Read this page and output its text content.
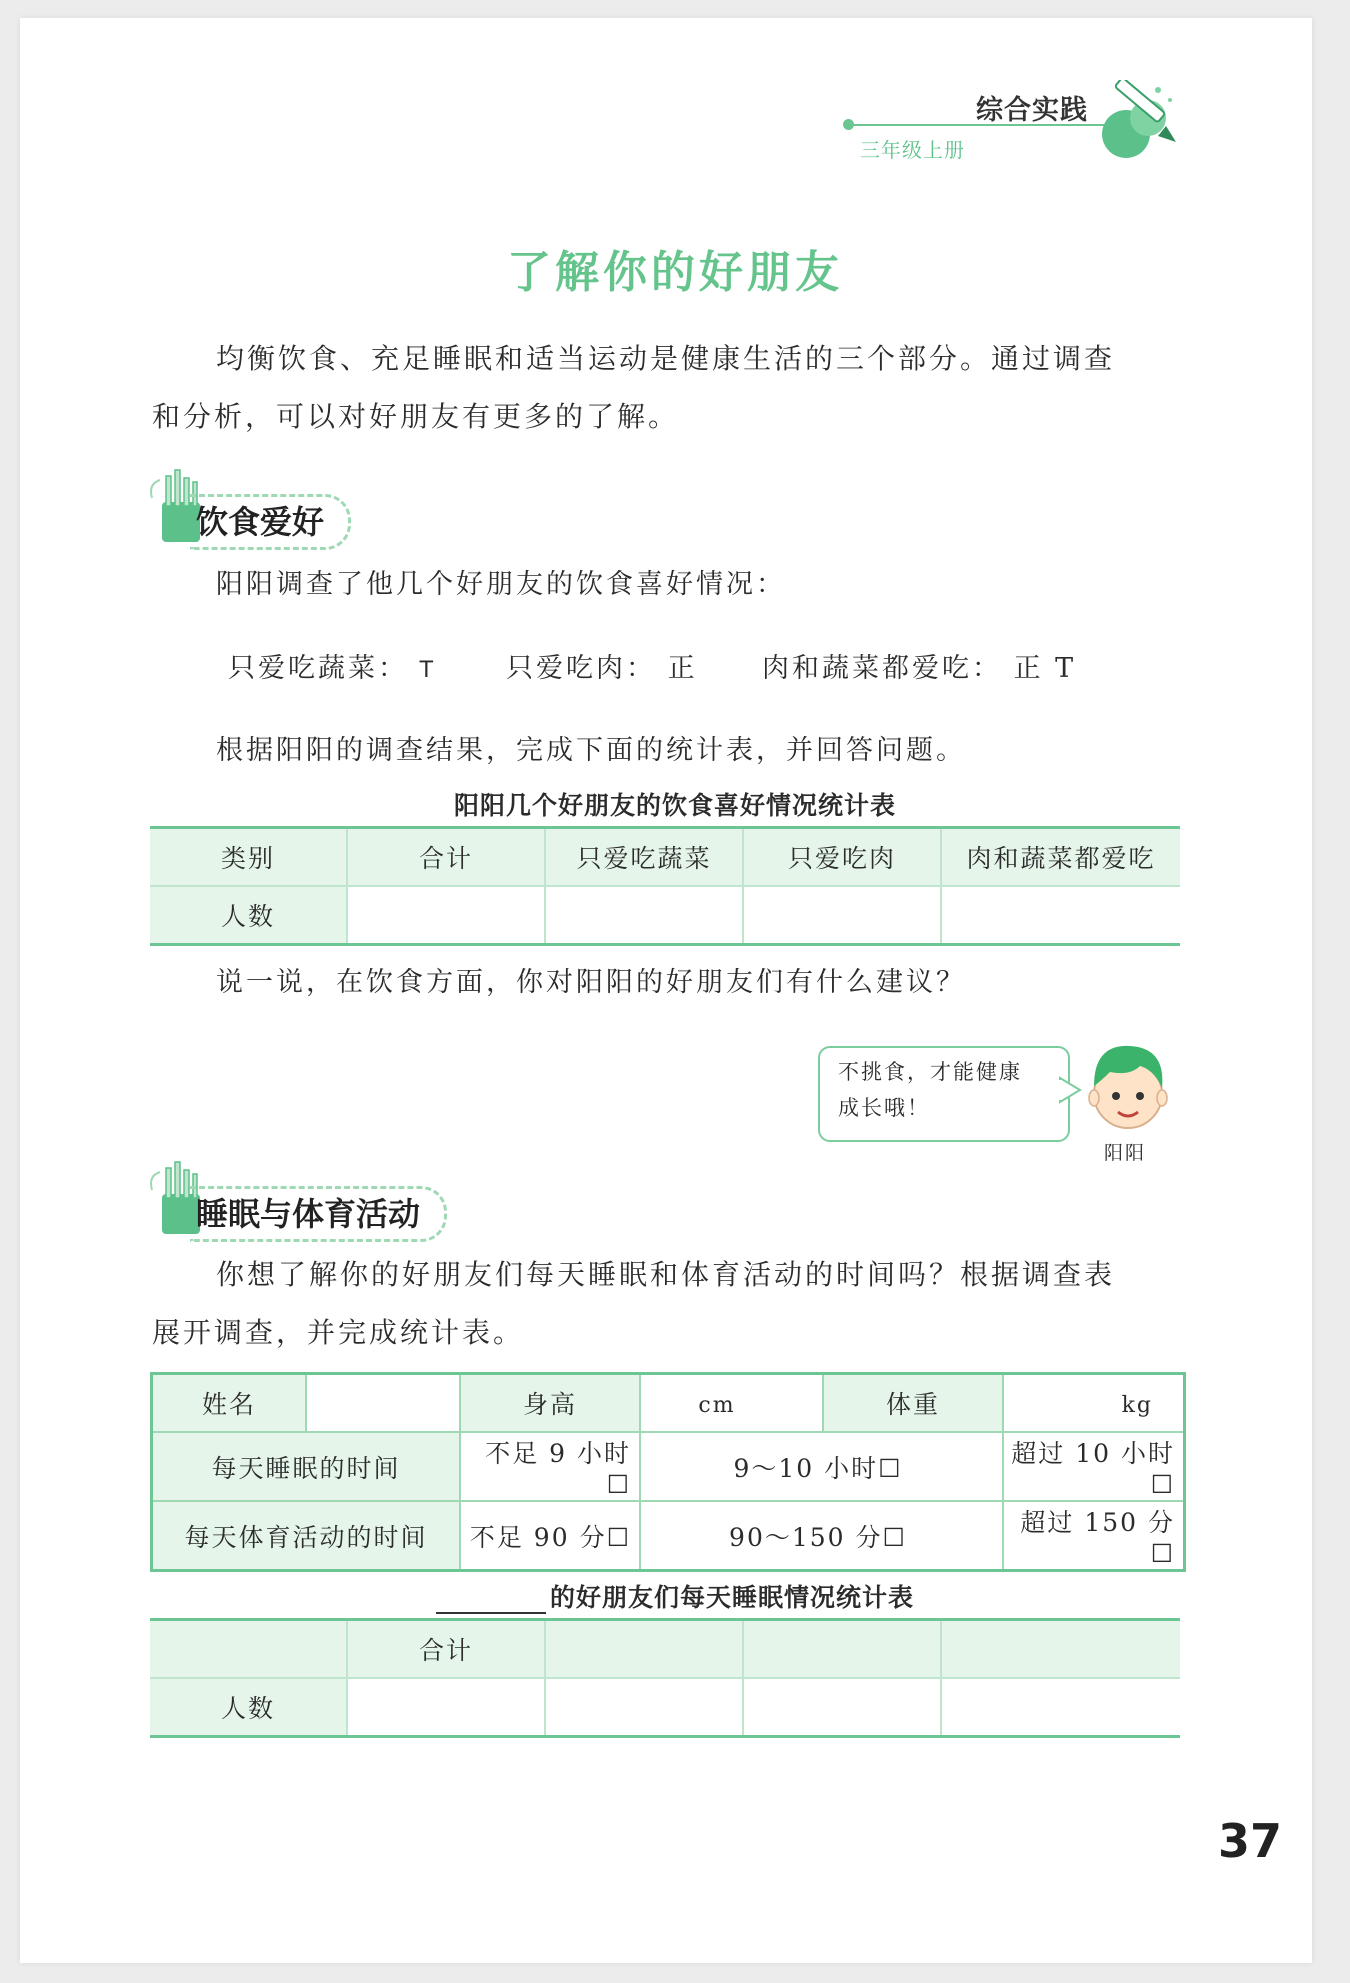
综合实践
三年级上册
了解你的好朋友
均衡饮食、充足睡眠和适当运动是健康生活的三个部分。通过调查
和分析，可以对好朋友有更多的了解。
饮食爱好
阳阳调查了他几个好朋友的饮食喜好情况：
只爱吃蔬菜： T	只爱吃肉： 正 肉和蔬菜都爱吃： 正 T
根据阳阳的调查结果，完成下面的统计表，并回答问题。
阳阳几个好朋友的饮食喜好情况统计表
类别	合计	只爱吃蔬菜	只爱吃肉	肉和蔬菜都爱吃
人数				
说一说，在饮食方面，你对阳阳的好朋友们有什么建议？
不挑食，才能健康
成长哦！
阳阳
睡眠与体育活动
你想了解你的好朋友们每天睡眠和体育活动的时间吗？根据调查表
展开调查，并完成统计表。
姓名		身高	cm	体重	kg
每天睡眠的时间		不足 9 小时☐	9～10 小时☐		超过 10 小时☐
每天体育活动的时间		不足 90 分☐	90～150 分☐		超过 150 分☐
的好朋友们每天睡眠情况统计表
	合计			
人数				
37
